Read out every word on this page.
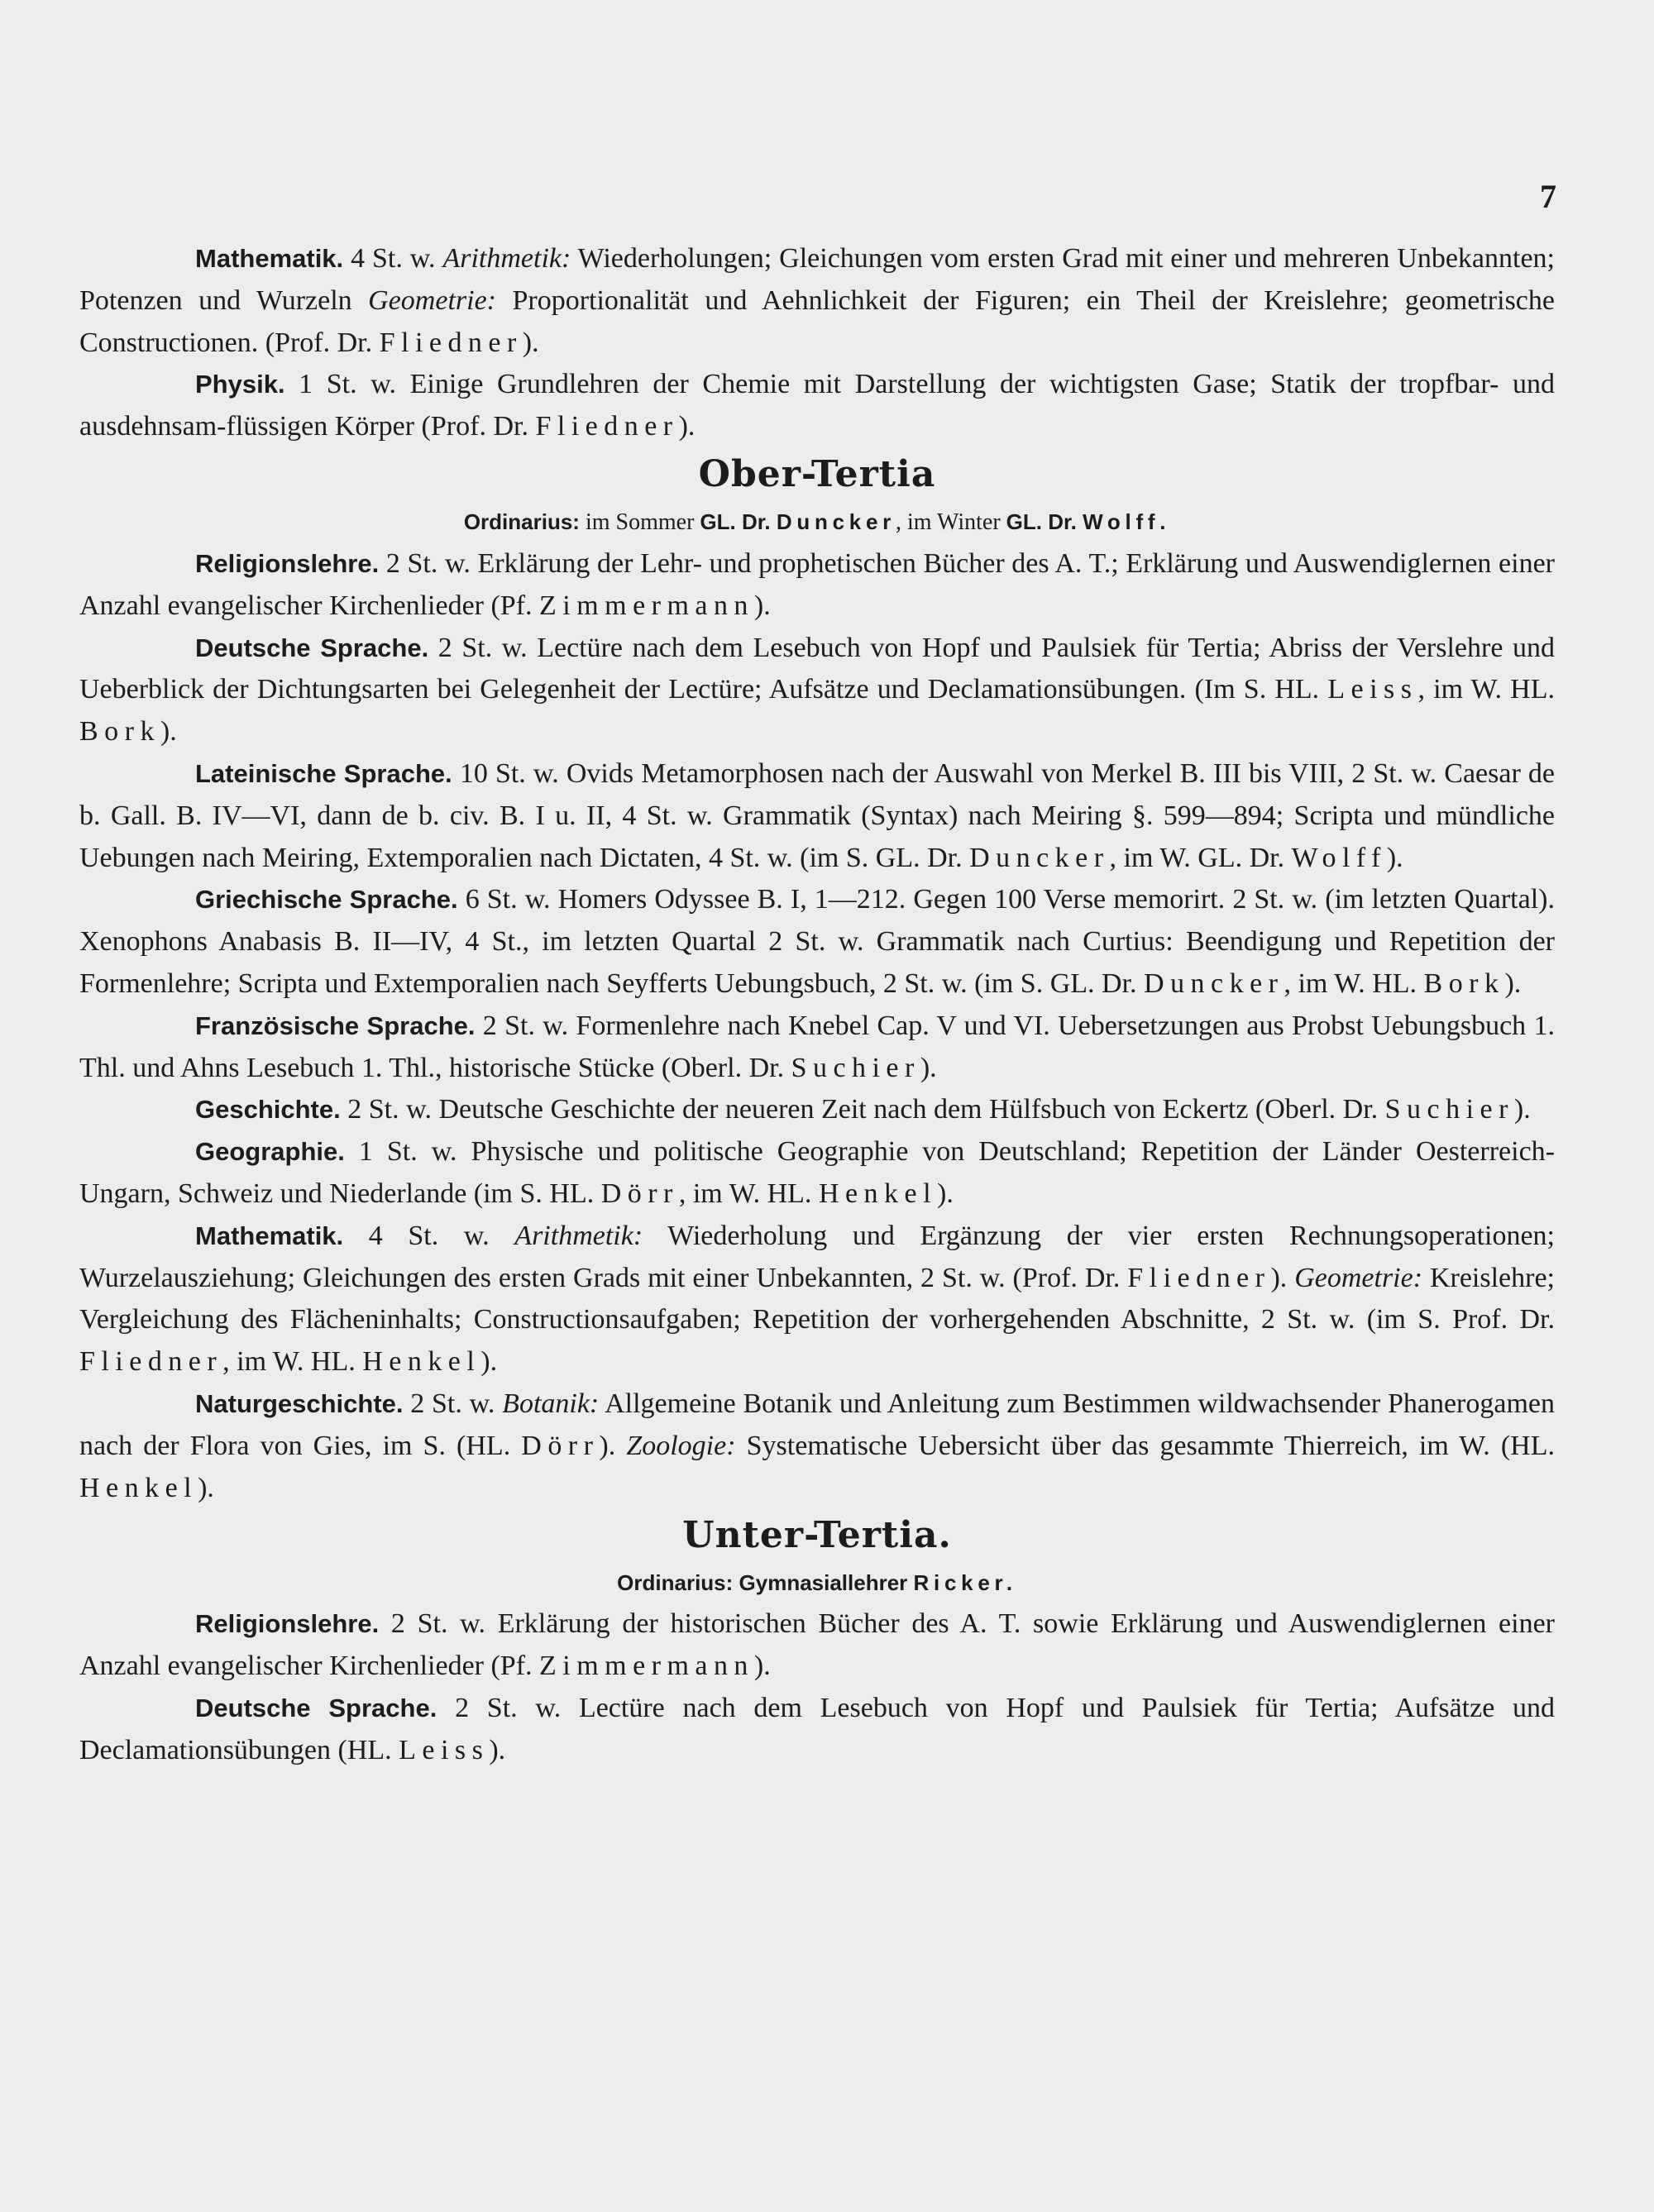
7

Mathematik. 4 St. w. Arithmetik: Wiederholungen; Gleichungen vom ersten Grad mit einer und mehreren Unbekannten; Potenzen und Wurzeln Geometrie: Proportionalität und Aehnlichkeit der Figuren; ein Theil der Kreislehre; geometrische Constructionen. (Prof. Dr. Fliedner).

Physik. 1 St. w. Einige Grundlehren der Chemie mit Darstellung der wichtigsten Gase; Statik der tropfbar- und ausdehnsam-flüssigen Körper (Prof. Dr. Fliedner).

Ober-Tertia

Ordinarius: im Sommer GL. Dr. Duncker, im Winter GL. Dr. Wolff.

Religionslehre. 2 St. w. Erklärung der Lehr- und prophetischen Bücher des A. T.; Erklärung und Auswendiglernen einer Anzahl evangelischer Kirchenlieder (Pf. Zimmermann).

Deutsche Sprache. 2 St. w. Lectüre nach dem Lesebuch von Hopf und Paulsiek für Tertia; Abriss der Verslehre und Ueberblick der Dichtungsarten bei Gelegenheit der Lectüre; Aufsätze und Declamationsübungen. (Im S. HL. Leiss, im W. HL. Bork).

Lateinische Sprache. 10 St. w. Ovids Metamorphosen nach der Auswahl von Merkel B. III bis VIII, 2 St. w. Caesar de b. Gall. B. IV—VI, dann de b. civ. B. I u. II, 4 St. w. Grammatik (Syntax) nach Meiring §. 599—894; Scripta und mündliche Uebungen nach Meiring, Extemporalien nach Dictaten, 4 St. w. (im S. GL. Dr. Duncker, im W. GL. Dr. Wolff).

Griechische Sprache. 6 St. w. Homers Odyssee B. I, 1—212. Gegen 100 Verse memorirt. 2 St. w. (im letzten Quartal). Xenophons Anabasis B. II—IV, 4 St., im letzten Quartal 2 St. w. Grammatik nach Curtius: Beendigung und Repetition der Formenlehre; Scripta und Extemporalien nach Seyfferts Uebungsbuch, 2 St. w. (im S. GL. Dr. Duncker, im W. HL. Bork).

Französische Sprache. 2 St. w. Formenlehre nach Knebel Cap. V und VI. Uebersetzungen aus Probst Uebungsbuch 1. Thl. und Ahns Lesebuch 1. Thl., historische Stücke (Oberl. Dr. Suchier).

Geschichte. 2 St. w. Deutsche Geschichte der neueren Zeit nach dem Hülfsbuch von Eckertz (Oberl. Dr. Suchier).

Geographie. 1 St. w. Physische und politische Geographie von Deutschland; Repetition der Länder Oesterreich-Ungarn, Schweiz und Niederlande (im S. HL. Dörr, im W. HL. Henkel).

Mathematik. 4 St. w. Arithmetik: Wiederholung und Ergänzung der vier ersten Rechnungsoperationen; Wurzelausziehung; Gleichungen des ersten Grads mit einer Unbekannten, 2 St. w. (Prof. Dr. Fliedner). Geometrie: Kreislehre; Vergleichung des Flächeninhalts; Constructionsaufgaben; Repetition der vorhergehenden Abschnitte, 2 St. w. (im S. Prof. Dr. Fliedner, im W. HL. Henkel).

Naturgeschichte. 2 St. w. Botanik: Allgemeine Botanik und Anleitung zum Bestimmen wildwachsender Phanerogamen nach der Flora von Gies, im S. (HL. Dörr). Zoologie: Systematische Uebersicht über das gesammte Thierreich, im W. (HL. Henkel).

Unter-Tertia.

Ordinarius: Gymnasiallehrer Ricker.

Religionslehre. 2 St. w. Erklärung der historischen Bücher des A. T. sowie Erklärung und Auswendiglernen einer Anzahl evangelischer Kirchenlieder (Pf. Zimmermann).

Deutsche Sprache. 2 St. w. Lectüre nach dem Lesebuch von Hopf und Paulsiek für Tertia; Aufsätze und Declamationsübungen (HL. Leiss).
